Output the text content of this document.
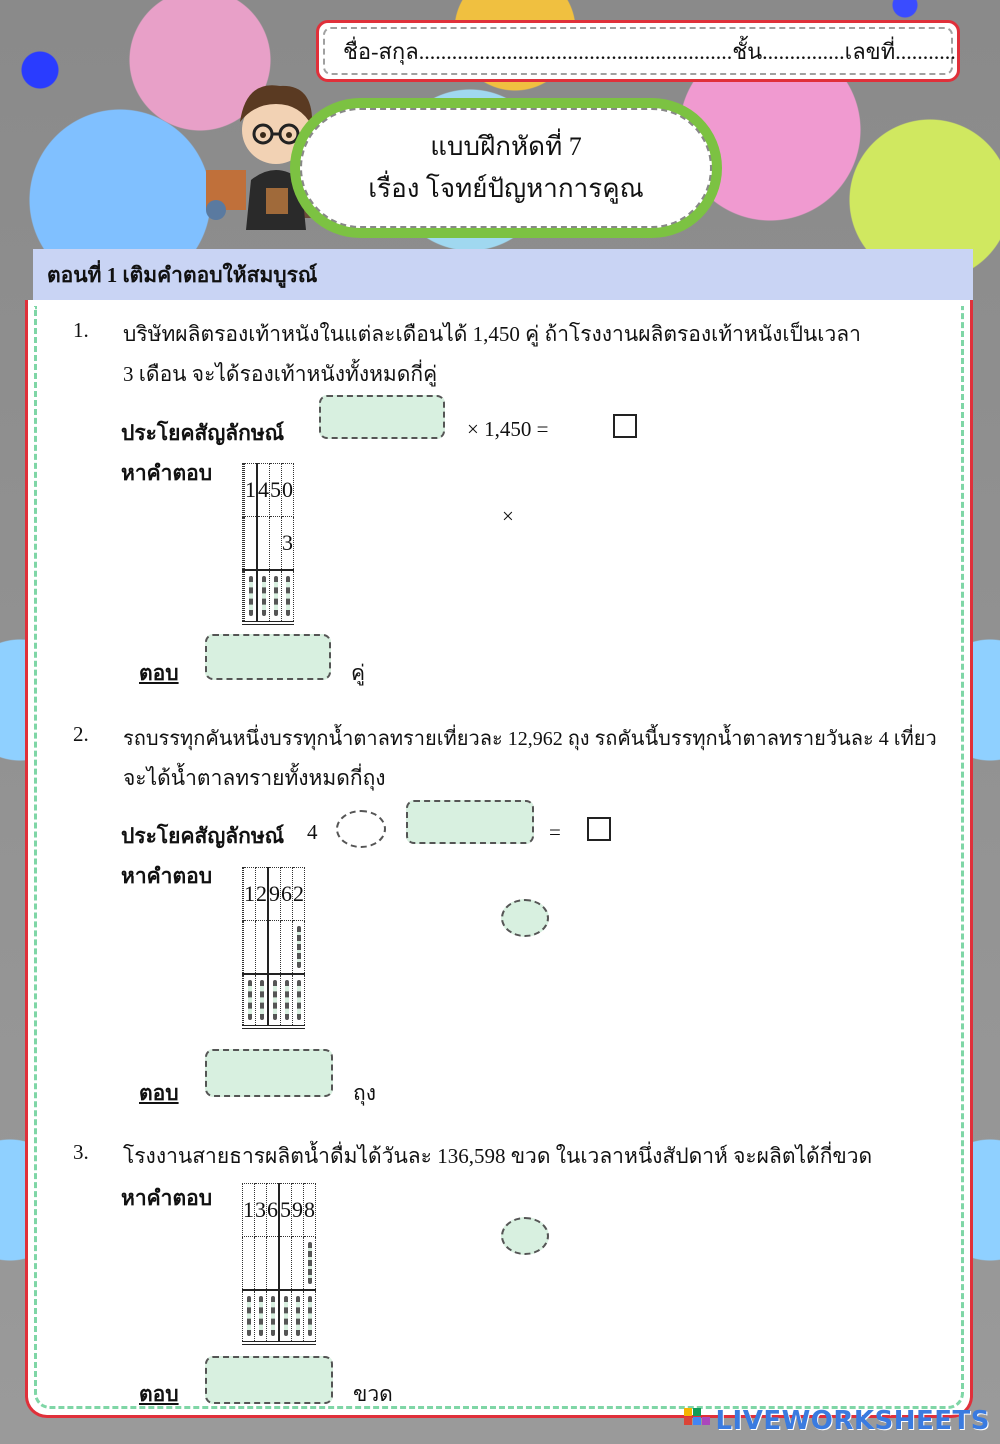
ชื่อ-สกุล.........................................................ชั้น...............เลขที่...........
แบบฝึกหัดที่ 7
เรื่อง โจทย์ปัญหาการคูณ
ตอนที่ 1 เติมคำตอบให้สมบูรณ์
1. บริษัทผลิตรองเท้าหนังในแต่ละเดือนได้ 1,450 คู่ ถ้าโรงงานผลิตรองเท้าหนังเป็นเวลา
3 เดือน จะได้รองเท้าหนังทั้งหมดกี่คู่
ประโยคสัญลักษณ์	× 1,450 =
หาคำตอบ
		1	4	5	0
					3

×
ตอบ	คู่
2. รถบรรทุกคันหนึ่งบรรทุกน้ำตาลทรายเที่ยวละ 12,962 ถุง รถคันนี้บรรทุกน้ำตาลทรายวันละ 4 เที่ยว
จะได้น้ำตาลทรายทั้งหมดกี่ถุง
ประโยคสัญลักษณ์ 4	=
หาคำตอบ
	1	2	9	6	2

ตอบ	ถุง
3. โรงงานสายธารผลิตน้ำดื่มได้วันละ 136,598 ขวด ในเวลาหนึ่งสัปดาห์ จะผลิตได้กี่ขวด
หาคำตอบ 1	3	6	5	9	8

ตอบ	ขวด
LIVEWORKSHEETS
